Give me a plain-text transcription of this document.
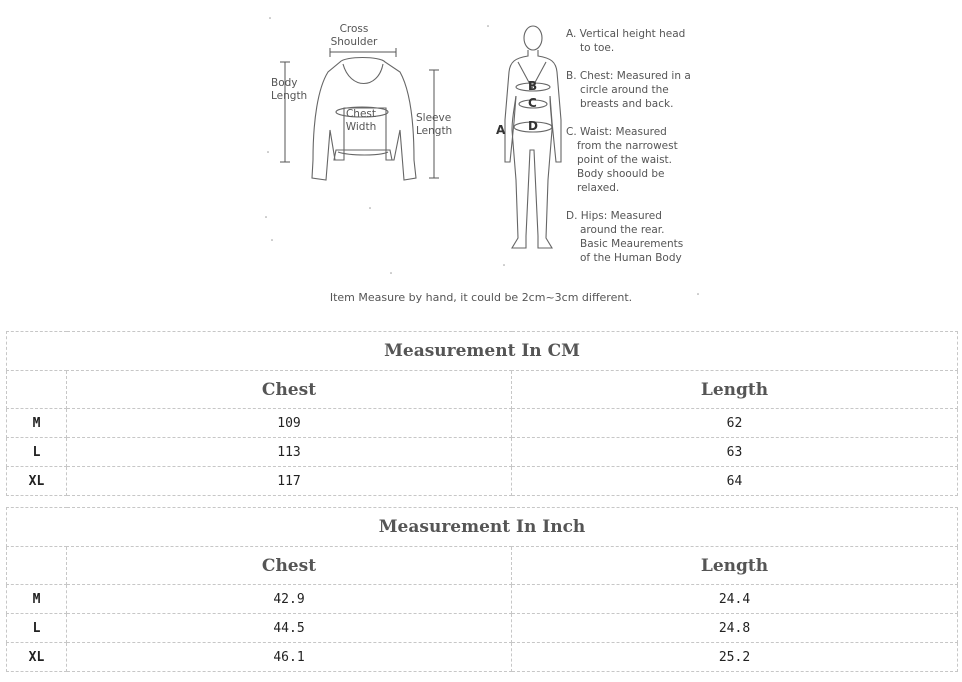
Cross Shoulder
Body Length
Chest Width
Sleeve Length
B
C
A D
A. Vertical height head
to toe.
B. Chest: Measured in a
circle around the
breasts and back.
C. Waist: Measured
from the narrowest
point of the waist.
Body shoould be
relaxed.
D. Hips: Measured
around the rear.
Basic Meaurements
of the Human Body
Item Measure by hand, it could be 2cm~3cm different.
Measurement In CM		
	Chest	Length
M	109	62
L	113	63
XL	117	64
Measurement In Inch		
	Chest	Length
M	42.9	24.4
L	44.5	24.8
XL	46.1	25.2
